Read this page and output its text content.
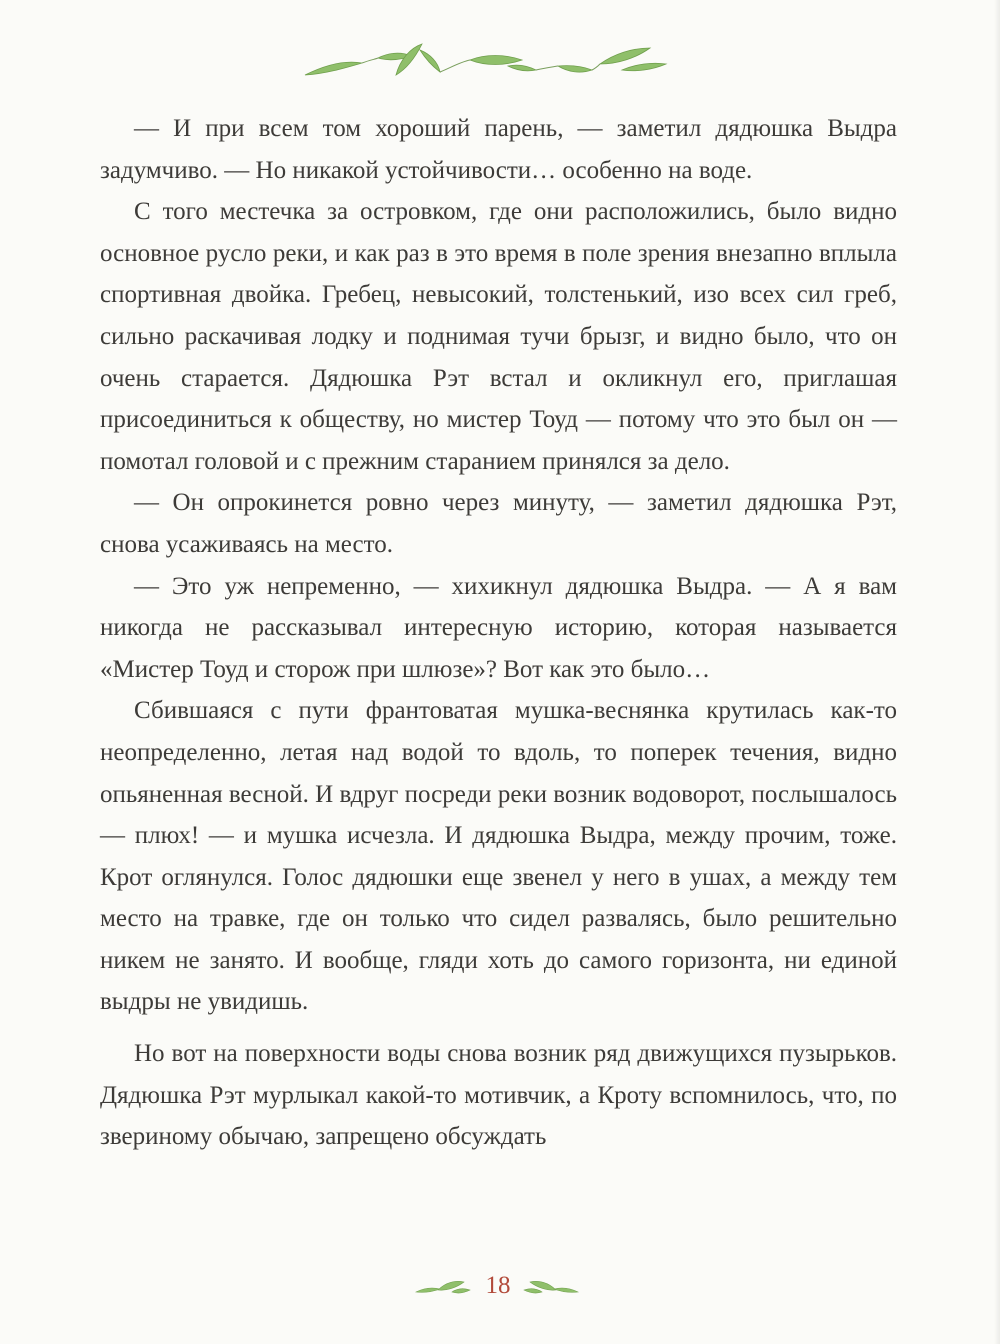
— И при всем том хороший парень, — заметил дядюшка Выдра задумчиво. — Но никакой устойчивости… особенно на воде.

С того местечка за островком, где они расположились, было видно основное русло реки, и как раз в это время в поле зрения внезапно вплыла спортивная двойка. Гребец, невысокий, толстенький, изо всех сил греб, сильно раскачивая лодку и поднимая тучи брызг, и видно было, что он очень старается. Дядюшка Рэт встал и окликнул его, приглашая присоединиться к обществу, но мистер Тоуд — потому что это был он — помотал головой и с прежним старанием принялся за дело.

— Он опрокинется ровно через минуту, — заметил дядюшка Рэт, снова усаживаясь на место.

— Это уж непременно, — хихикнул дядюшка Выдра. — А я вам никогда не рассказывал интересную историю, которая называется «Мистер Тоуд и сторож при шлюзе»? Вот как это было…

Сбившаяся с пути франтоватая мушка-веснянка крутилась как-то неопределенно, летая над водой то вдоль, то поперек течения, видно опьяненная весной. И вдруг посреди реки возник водоворот, послышалось — плюх! — и мушка исчезла. И дядюшка Выдра, между прочим, тоже. Крот оглянулся. Голос дядюшки еще звенел у него в ушах, а между тем место на травке, где он только что сидел развалясь, было решительно никем не занято. И вообще, гляди хоть до самого горизонта, ни единой выдры не увидишь.

Но вот на поверхности воды снова возник ряд движущихся пузырьков. Дядюшка Рэт мурлыкал какой-то мотивчик, а Кроту вспомнилось, что, по звериному обычаю, запрещено обсуждать

18
